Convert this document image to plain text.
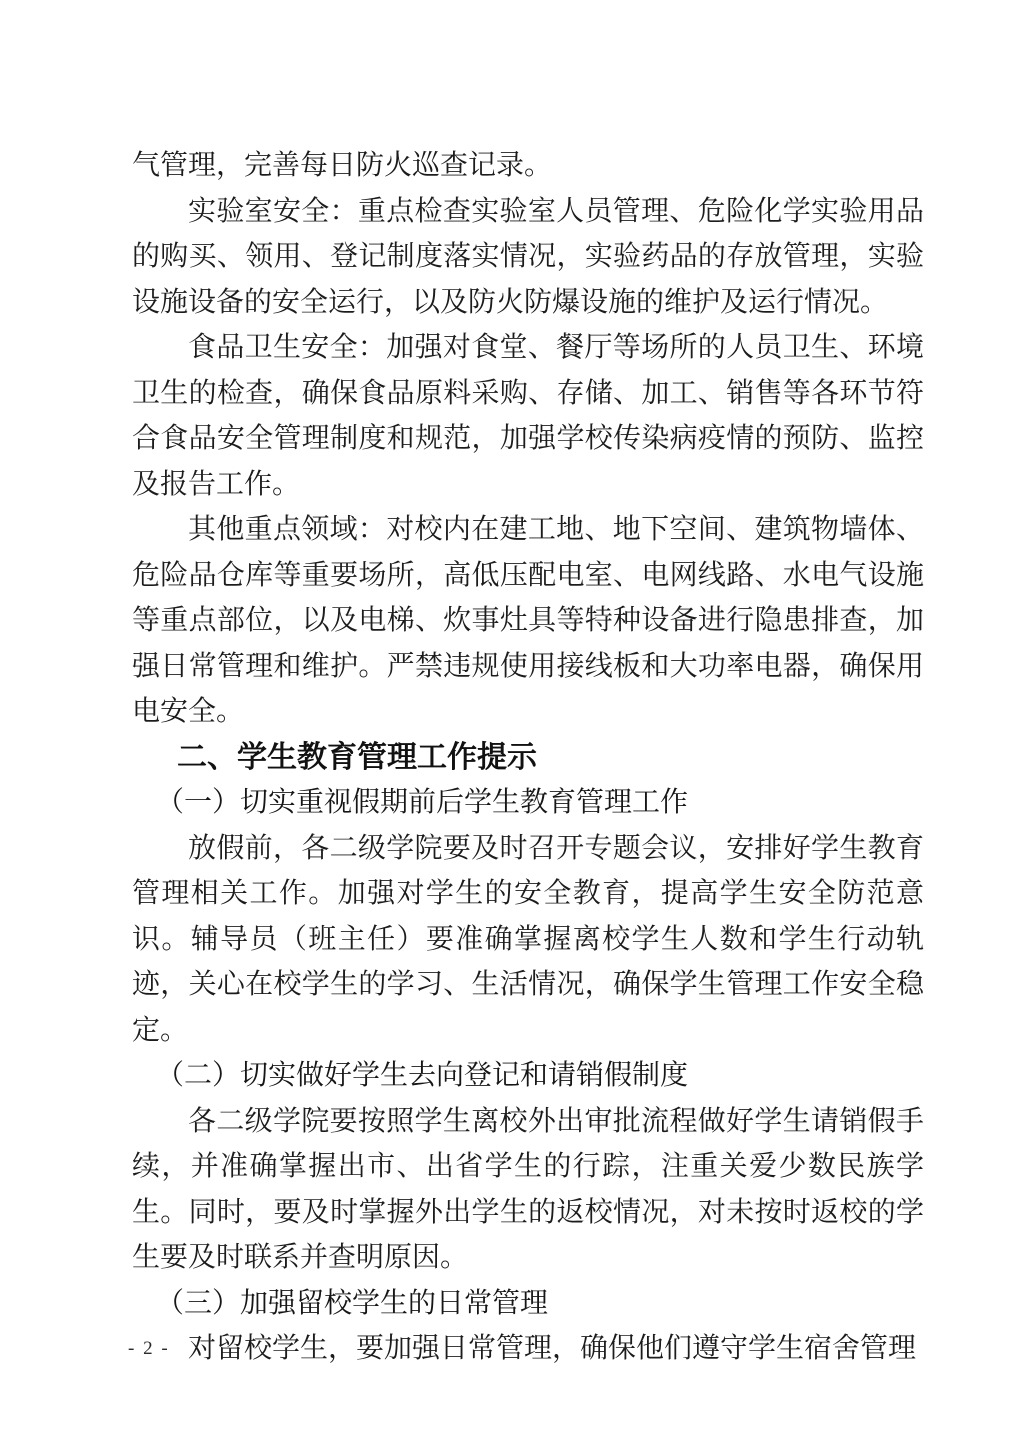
气管理，完善每日防火巡查记录。

实验室安全：重点检查实验室人员管理、危险化学实验用品的购买、领用、登记制度落实情况，实验药品的存放管理，实验设施设备的安全运行，以及防火防爆设施的维护及运行情况。

食品卫生安全：加强对食堂、餐厅等场所的人员卫生、环境卫生的检查，确保食品原料采购、存储、加工、销售等各环节符合食品安全管理制度和规范，加强学校传染病疫情的预防、监控及报告工作。

其他重点领域：对校内在建工地、地下空间、建筑物墙体、危险品仓库等重要场所，高低压配电室、电网线路、水电气设施等重点部位，以及电梯、炊事灶具等特种设备进行隐患排查，加强日常管理和维护。严禁违规使用接线板和大功率电器，确保用电安全。

二、学生教育管理工作提示
（一）切实重视假期前后学生教育管理工作

放假前，各二级学院要及时召开专题会议，安排好学生教育管理相关工作。加强对学生的安全教育，提高学生安全防范意识。辅导员（班主任）要准确掌握离校学生人数和学生行动轨迹，关心在校学生的学习、生活情况，确保学生管理工作安全稳定。

（二）切实做好学生去向登记和请销假制度

各二级学院要按照学生离校外出审批流程做好学生请销假手续，并准确掌握出市、出省学生的行踪，注重关爱少数民族学生。同时，要及时掌握外出学生的返校情况，对未按时返校的学生要及时联系并查明原因。

（三）加强留校学生的日常管理

对留校学生，要加强日常管理，确保他们遵守学生宿舍管理

- 2 -
